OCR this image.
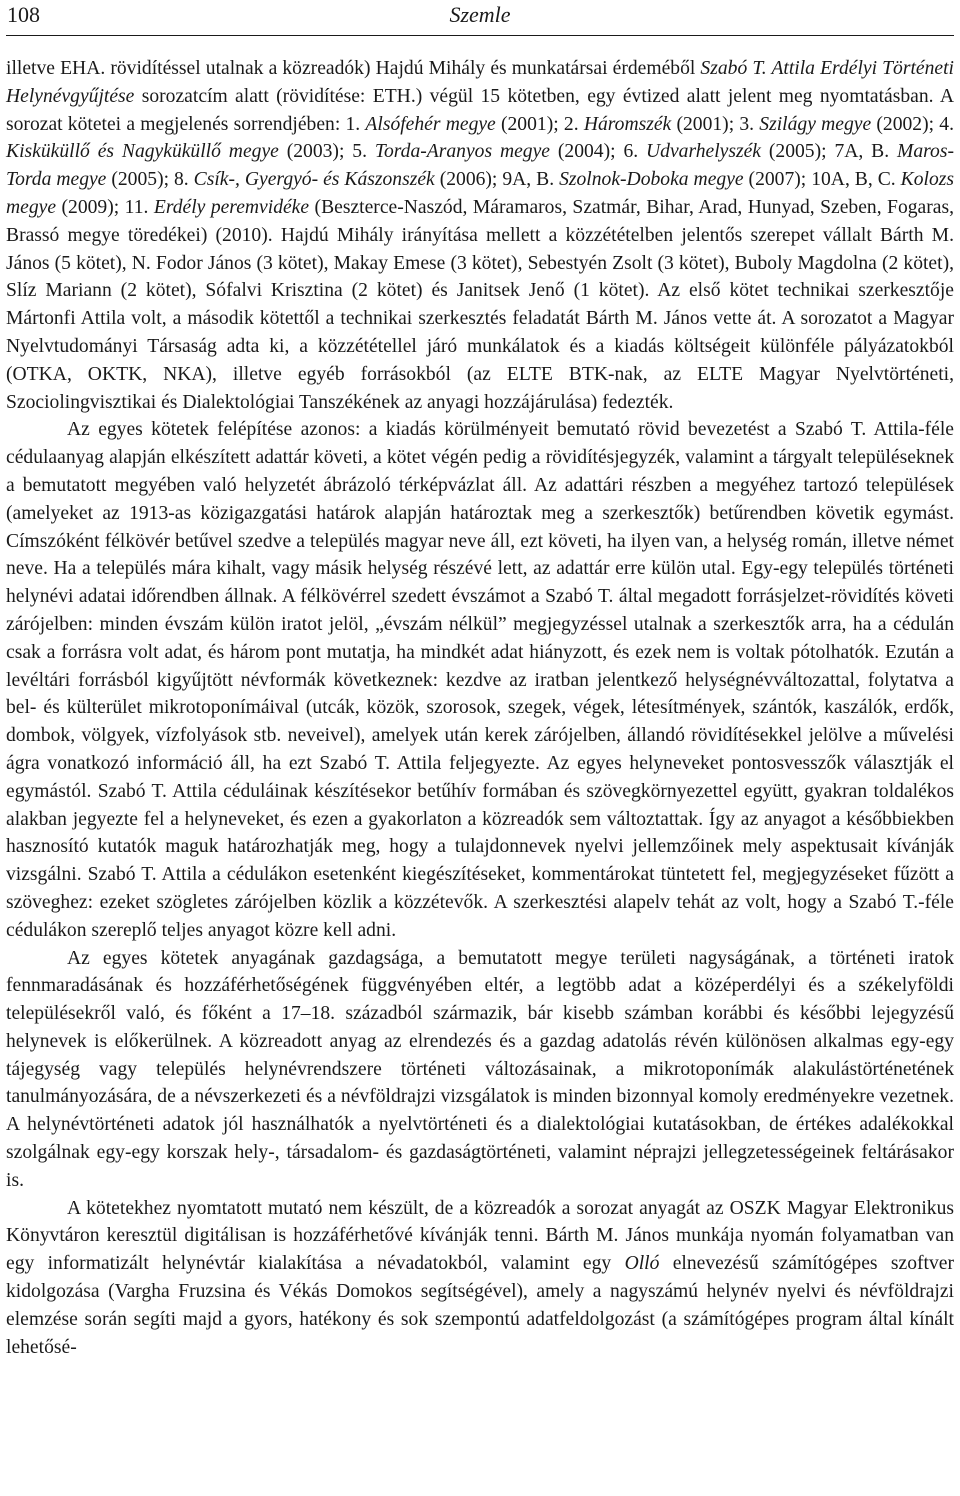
108	Szemle

illetve EHA. rövidítéssel utalnak a közreadók) Hajdú Mihály és munkatársai érdeméből Szabó T. Attila Erdélyi Történeti Helynévgyűjtése sorozatcím alatt (rövidítése: ETH.) végül 15 kötetben, egy évtized alatt jelent meg nyomtatásban. A sorozat kötetei a megjelenés sorrendjében: 1. Alsófehér megye (2001); 2. Háromszék (2001); 3. Szilágy megye (2002); 4. Kisküküllő és Nagyküküllő megye (2003); 5. Torda-Aranyos megye (2004); 6. Udvarhelyszék (2005); 7A, B. Maros-Torda megye (2005); 8. Csík-, Gyergyó- és Kászonszék (2006); 9A, B. Szolnok-Doboka megye (2007); 10A, B, C. Kolozs megye (2009); 11. Erdély peremvidéke (Beszterce-Naszód, Máramaros, Szatmár, Bihar, Arad, Hunyad, Szeben, Fogaras, Brassó megye töredékei) (2010). Hajdú Mihály irányítása mellett a közzétételben jelentős szerepet vállalt Bárth M. János (5 kötet), N. Fodor János (3 kötet), Makay Emese (3 kötet), Sebestyén Zsolt (3 kötet), Buboly Magdolna (2 kötet), Slíz Mariann (2 kötet), Sófalvi Krisztina (2 kötet) és Janitsek Jenő (1 kötet). Az első kötet technikai szerkesztője Mártonfi Attila volt, a második kötettől a technikai szerkesztés feladatát Bárth M. János vette át. A sorozatot a Magyar Nyelvtudományi Társaság adta ki, a közzététellel járó munkálatok és a kiadás költségeit különféle pályázatokból (OTKA, OKTK, NKA), illetve egyéb forrásokból (az ELTE BTK-nak, az ELTE Magyar Nyelvtörténeti, Szociolingvisztikai és Dialektológiai Tanszékének az anyagi hozzájárulása) fedezték.

Az egyes kötetek felépítése azonos: a kiadás körülményeit bemutató rövid bevezetést a Szabó T. Attila-féle cédulaanyag alapján elkészített adattár követi, a kötet végén pedig a rövidítésjegyzék, valamint a tárgyalt településeknek a bemutatott megyében való helyzetét ábrázoló térképvázlat áll. Az adattári részben a megyéhez tartozó települések (amelyeket az 1913-as közigazgatási határok alapján határoztak meg a szerkesztők) betűrendben követik egymást. Címszóként félkövér betűvel szedve a település magyar neve áll, ezt követi, ha ilyen van, a helység román, illetve német neve. Ha a település mára kihalt, vagy másik helység részévé lett, az adattár erre külön utal. Egy-egy település történeti helynévi adatai időrendben állnak. A félkövérrel szedett évszámot a Szabó T. által megadott forrásjelzet-rövidítés követi zárójelben: minden évszám külön iratot jelöl, „évszám nélkül” megjegyzéssel utalnak a szerkesztők arra, ha a cédulán csak a forrásra volt adat, és három pont mutatja, ha mindkét adat hiányzott, és ezek nem is voltak pótolhatók. Ezután a levéltári forrásból kigyűjtött névformák következnek: kezdve az iratban jelentkező helységnévváltozattal, folytatva a bel- és külterület mikrotoponímáival (utcák, közök, szorosok, szegek, végek, létesítmények, szántók, kaszálók, erdők, dombok, völgyek, vízfolyások stb. neveivel), amelyek után kerek zárójelben, állandó rövidítésekkel jelölve a művelési ágra vonatkozó információ áll, ha ezt Szabó T. Attila feljegyezte. Az egyes helyneveket pontosvesszők választják el egymástól. Szabó T. Attila céduláinak készítésekor betűhív formában és szövegkörnyezettel együtt, gyakran toldalékos alakban jegyezte fel a helyneveket, és ezen a gyakorlaton a közreadók sem változtattak. Így az anyagot a későbbiekben hasznosító kutatók maguk határozhatják meg, hogy a tulajdonnevek nyelvi jellemzőinek mely aspektusait kívánják vizsgálni. Szabó T. Attila a cédulákon esetenként kiegészítéseket, kommentárokat tüntetett fel, megjegyzéseket fűzött a szöveghez: ezeket szögletes zárójelben közlik a közzétevők. A szerkesztési alapelv tehát az volt, hogy a Szabó T.-féle cédulákon szereplő teljes anyagot közre kell adni.

Az egyes kötetek anyagának gazdagsága, a bemutatott megye területi nagyságának, a történeti iratok fennmaradásának és hozzáférhetőségének függvényében eltér, a legtöbb adat a középerdélyi és a székelyföldi településekről való, és főként a 17–18. századból származik, bár kisebb számban korábbi és későbbi lejegyzésű helynevek is előkerülnek. A közreadott anyag az elrendezés és a gazdag adatolás révén különösen alkalmas egy-egy tájegység vagy település helynévrendszere történeti változásainak, a mikrotoponímák alakulástörténetének tanulmányozására, de a névszerkezeti és a névföldrajzi vizsgálatok is minden bizonnyal komoly eredményekre vezetnek. A helynévtörténeti adatok jól használhatók a nyelvtörténeti és a dialektológiai kutatásokban, de értékes adalékokkal szolgálnak egy-egy korszak hely-, társadalom- és gazdaságtörténeti, valamint néprajzi jellegzetességeinek feltárásakor is.

A kötetekhez nyomtatott mutató nem készült, de a közreadók a sorozat anyagát az OSZK Magyar Elektronikus Könyvtáron keresztül digitálisan is hozzáférhetővé kívánják tenni. Bárth M. János munkája nyomán folyamatban van egy informatizált helynévtár kialakítása a névadatokból, valamint egy Olló elnevezésű számítógépes szoftver kidolgozása (Vargha Fruzsina és Vékás Domokos segítségével), amely a nagyszámú helynév nyelvi és névföldrajzi elemzése során segíti majd a gyors, hatékony és sok szempontú adatfeldolgozást (a számítógépes program által kínált lehetősé-
